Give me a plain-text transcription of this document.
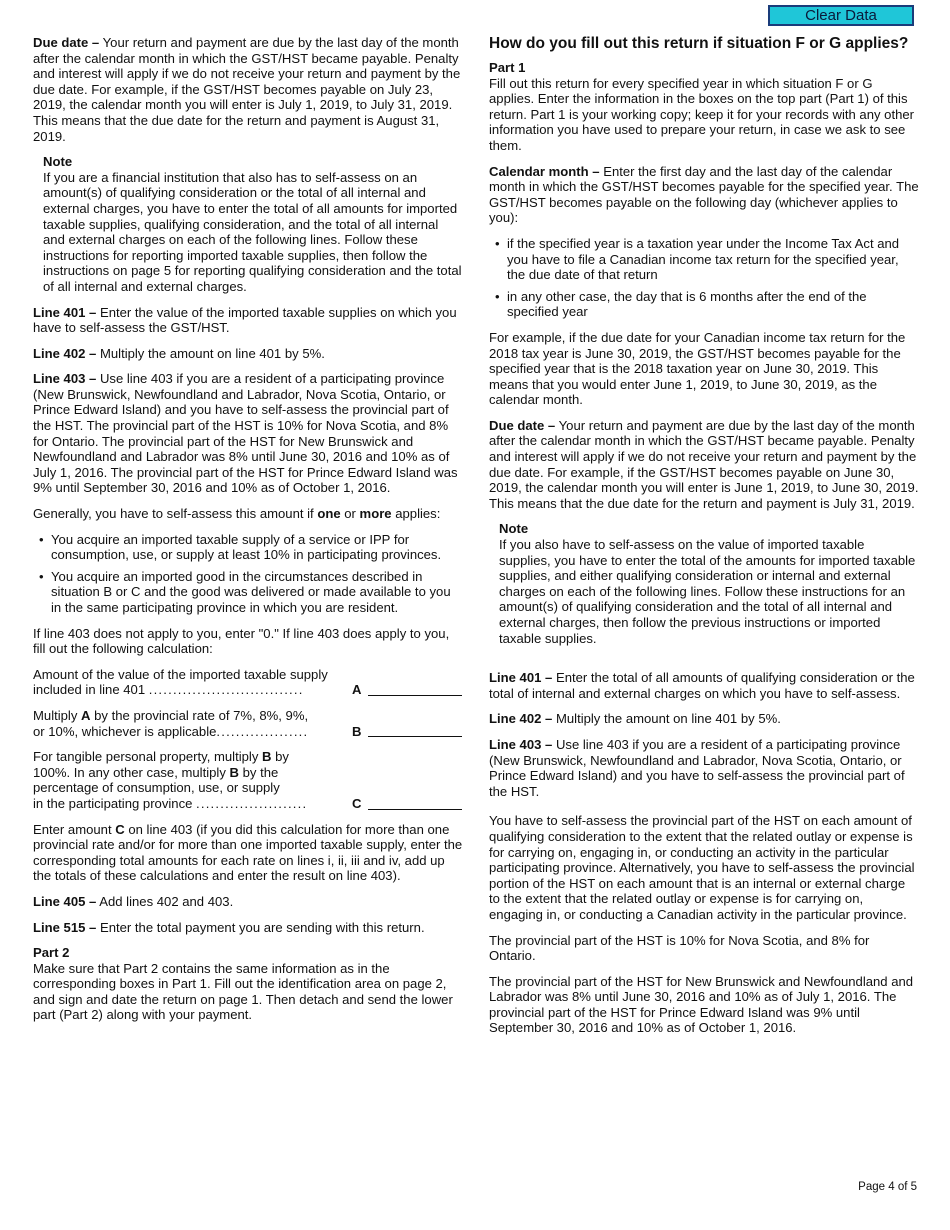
Clear Data

Due date – Your return and payment are due by the last day of the month after the calendar month in which the GST/HST became payable. Penalty and interest will apply if we do not receive your return and payment by the due date. For example, if the GST/HST becomes payable on July 23, 2019, the calendar month you will enter is July 1, 2019, to July 31, 2019. This means that the due date for the return and payment is August 31, 2019.

Note
If you are a financial institution that also has to self-assess on an amount(s) of qualifying consideration or the total of all internal and external charges, you have to enter the total of all amounts for imported taxable supplies, qualifying consideration, and the total of all internal and external charges on each of the following lines. Follow these instructions for reporting imported taxable supplies, then follow the instructions on page 5 for reporting qualifying consideration and the total of all internal and external charges.

Line 401 – Enter the value of the imported taxable supplies on which you have to self-assess the GST/HST.

Line 402 – Multiply the amount on line 401 by 5%.

Line 403 – Use line 403 if you are a resident of a participating province (New Brunswick, Newfoundland and Labrador, Nova Scotia, Ontario, or Prince Edward Island) and you have to self-assess the provincial part of the HST. The provincial part of the HST is 10% for Nova Scotia, and 8% for Ontario. The provincial part of the HST for New Brunswick and Newfoundland and Labrador was 8% until June 30, 2016 and 10% as of July 1, 2016. The provincial part of the HST for Prince Edward Island was 9% until September 30, 2016 and 10% as of October 1, 2016.

Generally, you have to self-assess this amount if one or more applies:

• You acquire an imported taxable supply of a service or IPP for consumption, use, or supply at least 10% in participating provinces.
• You acquire an imported good in the circumstances described in situation B or C and the good was delivered or made available to you in the same participating province in which you are resident.

If line 403 does not apply to you, enter "0." If line 403 does apply to you, fill out the following calculation:

Amount of the value of the imported taxable supply
included in line 401 ................................	A
Multiply A by the provincial rate of 7%, 8%, 9%,
or 10%, whichever is applicable...................	B
For tangible personal property, multiply B by
100%. In any other case, multiply B by the
percentage of consumption, use, or supply
in the participating province .......................	C

Enter amount C on line 403 (if you did this calculation for more than one provincial rate and/or for more than one imported taxable supply, enter the corresponding total amounts for each rate on lines i, ii, iii and iv, add up the totals of these calculations and enter the result on line 403).

Line 405 – Add lines 402 and 403.

Line 515 – Enter the total payment you are sending with this return.

Part 2
Make sure that Part 2 contains the same information as in the corresponding boxes in Part 1. Fill out the identification area on page 2, and sign and date the return on page 1. Then detach and send the lower part (Part 2) along with your payment.

How do you fill out this return if situation F or G applies?

Part 1
Fill out this return for every specified year in which situation F or G applies. Enter the information in the boxes on the top part (Part 1) of this return. Part 1 is your working copy; keep it for your records with any other information you have used to prepare your return, in case we ask to see them.

Calendar month – Enter the first day and the last day of the calendar month in which the GST/HST becomes payable for the specified year. The GST/HST becomes payable on the following day (whichever applies to you):

• if the specified year is a taxation year under the Income Tax Act and you have to file a Canadian income tax return for the specified year, the due date of that return
• in any other case, the day that is 6 months after the end of the specified year

For example, if the due date for your Canadian income tax return for the 2018 tax year is June 30, 2019, the GST/HST becomes payable for the specified year that is the 2018 taxation year on June 30, 2019. This means that you would enter June 1, 2019, to June 30, 2019, as the calendar month.

Due date – Your return and payment are due by the last day of the month after the calendar month in which the GST/HST became payable. Penalty and interest will apply if we do not receive your return and payment by the due date. For example, if the GST/HST becomes payable on June 30, 2019, the calendar month you will enter is June 1, 2019, to June 30, 2019. This means that the due date for the return and payment is July 31, 2019.

Note
If you also have to self-assess on the value of imported taxable supplies, you have to enter the total of the amounts for imported taxable supplies, and either qualifying consideration or internal and external charges on each of the following lines. Follow these instructions for an amount(s) of qualifying consideration and the total of all internal and external charges, then follow the previous instructions or imported taxable supplies.

Line 401 – Enter the total of all amounts of qualifying consideration or the total of internal and external charges on which you have to self-assess.

Line 402 – Multiply the amount on line 401 by 5%.

Line 403 – Use line 403 if you are a resident of a participating province (New Brunswick, Newfoundland and Labrador, Nova Scotia, Ontario, or Prince Edward Island) and you have to self-assess the provincial part of the HST.

You have to self-assess the provincial part of the HST on each amount of qualifying consideration to the extent that the related outlay or expense is for carrying on, engaging in, or conducting an activity in the particular participating province. Alternatively, you have to self-assess the provincial portion of the HST on each amount that is an internal or external charge to the extent that the related outlay or expense is for carrying on, engaging in, or conducting a Canadian activity in the particular province.

The provincial part of the HST is 10% for Nova Scotia, and 8% for Ontario.

The provincial part of the HST for New Brunswick and Newfoundland and Labrador was 8% until June 30, 2016 and 10% as of July 1, 2016. The provincial part of the HST for Prince Edward Island was 9% until September 30, 2016 and 10% as of October 1, 2016.

Page 4 of 5
